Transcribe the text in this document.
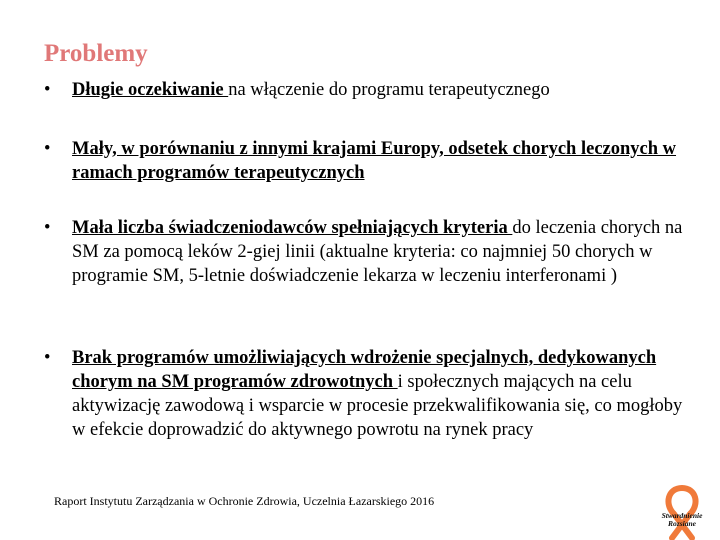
Problemy
•	Długie oczekiwanie na włączenie do programu terapeutycznego
•	Mały, w porównaniu z innymi krajami Europy, odsetek chorych leczonych w ramach programów terapeutycznych
•	Mała liczba świadczeniodawców spełniających kryteria do leczenia chorych na SM za pomocą leków 2-giej linii (aktualne kryteria: co najmniej 50 chorych w programie SM, 5-letnie doświadczenie lekarza w leczeniu interferonami )
•	Brak programów umożliwiających wdrożenie specjalnych, dedykowanych chorym na SM programów zdrowotnych i społecznych mających na celu aktywizację zawodową i wsparcie w procesie przekwalifikowania się, co mogłoby w efekcie doprowadzić do aktywnego powrotu na rynek pracy

Raport Instytutu Zarządzania w Ochronie Zdrowia, Uczelnia Łazarskiego 2016

Stwardnienie
Rozsiane
